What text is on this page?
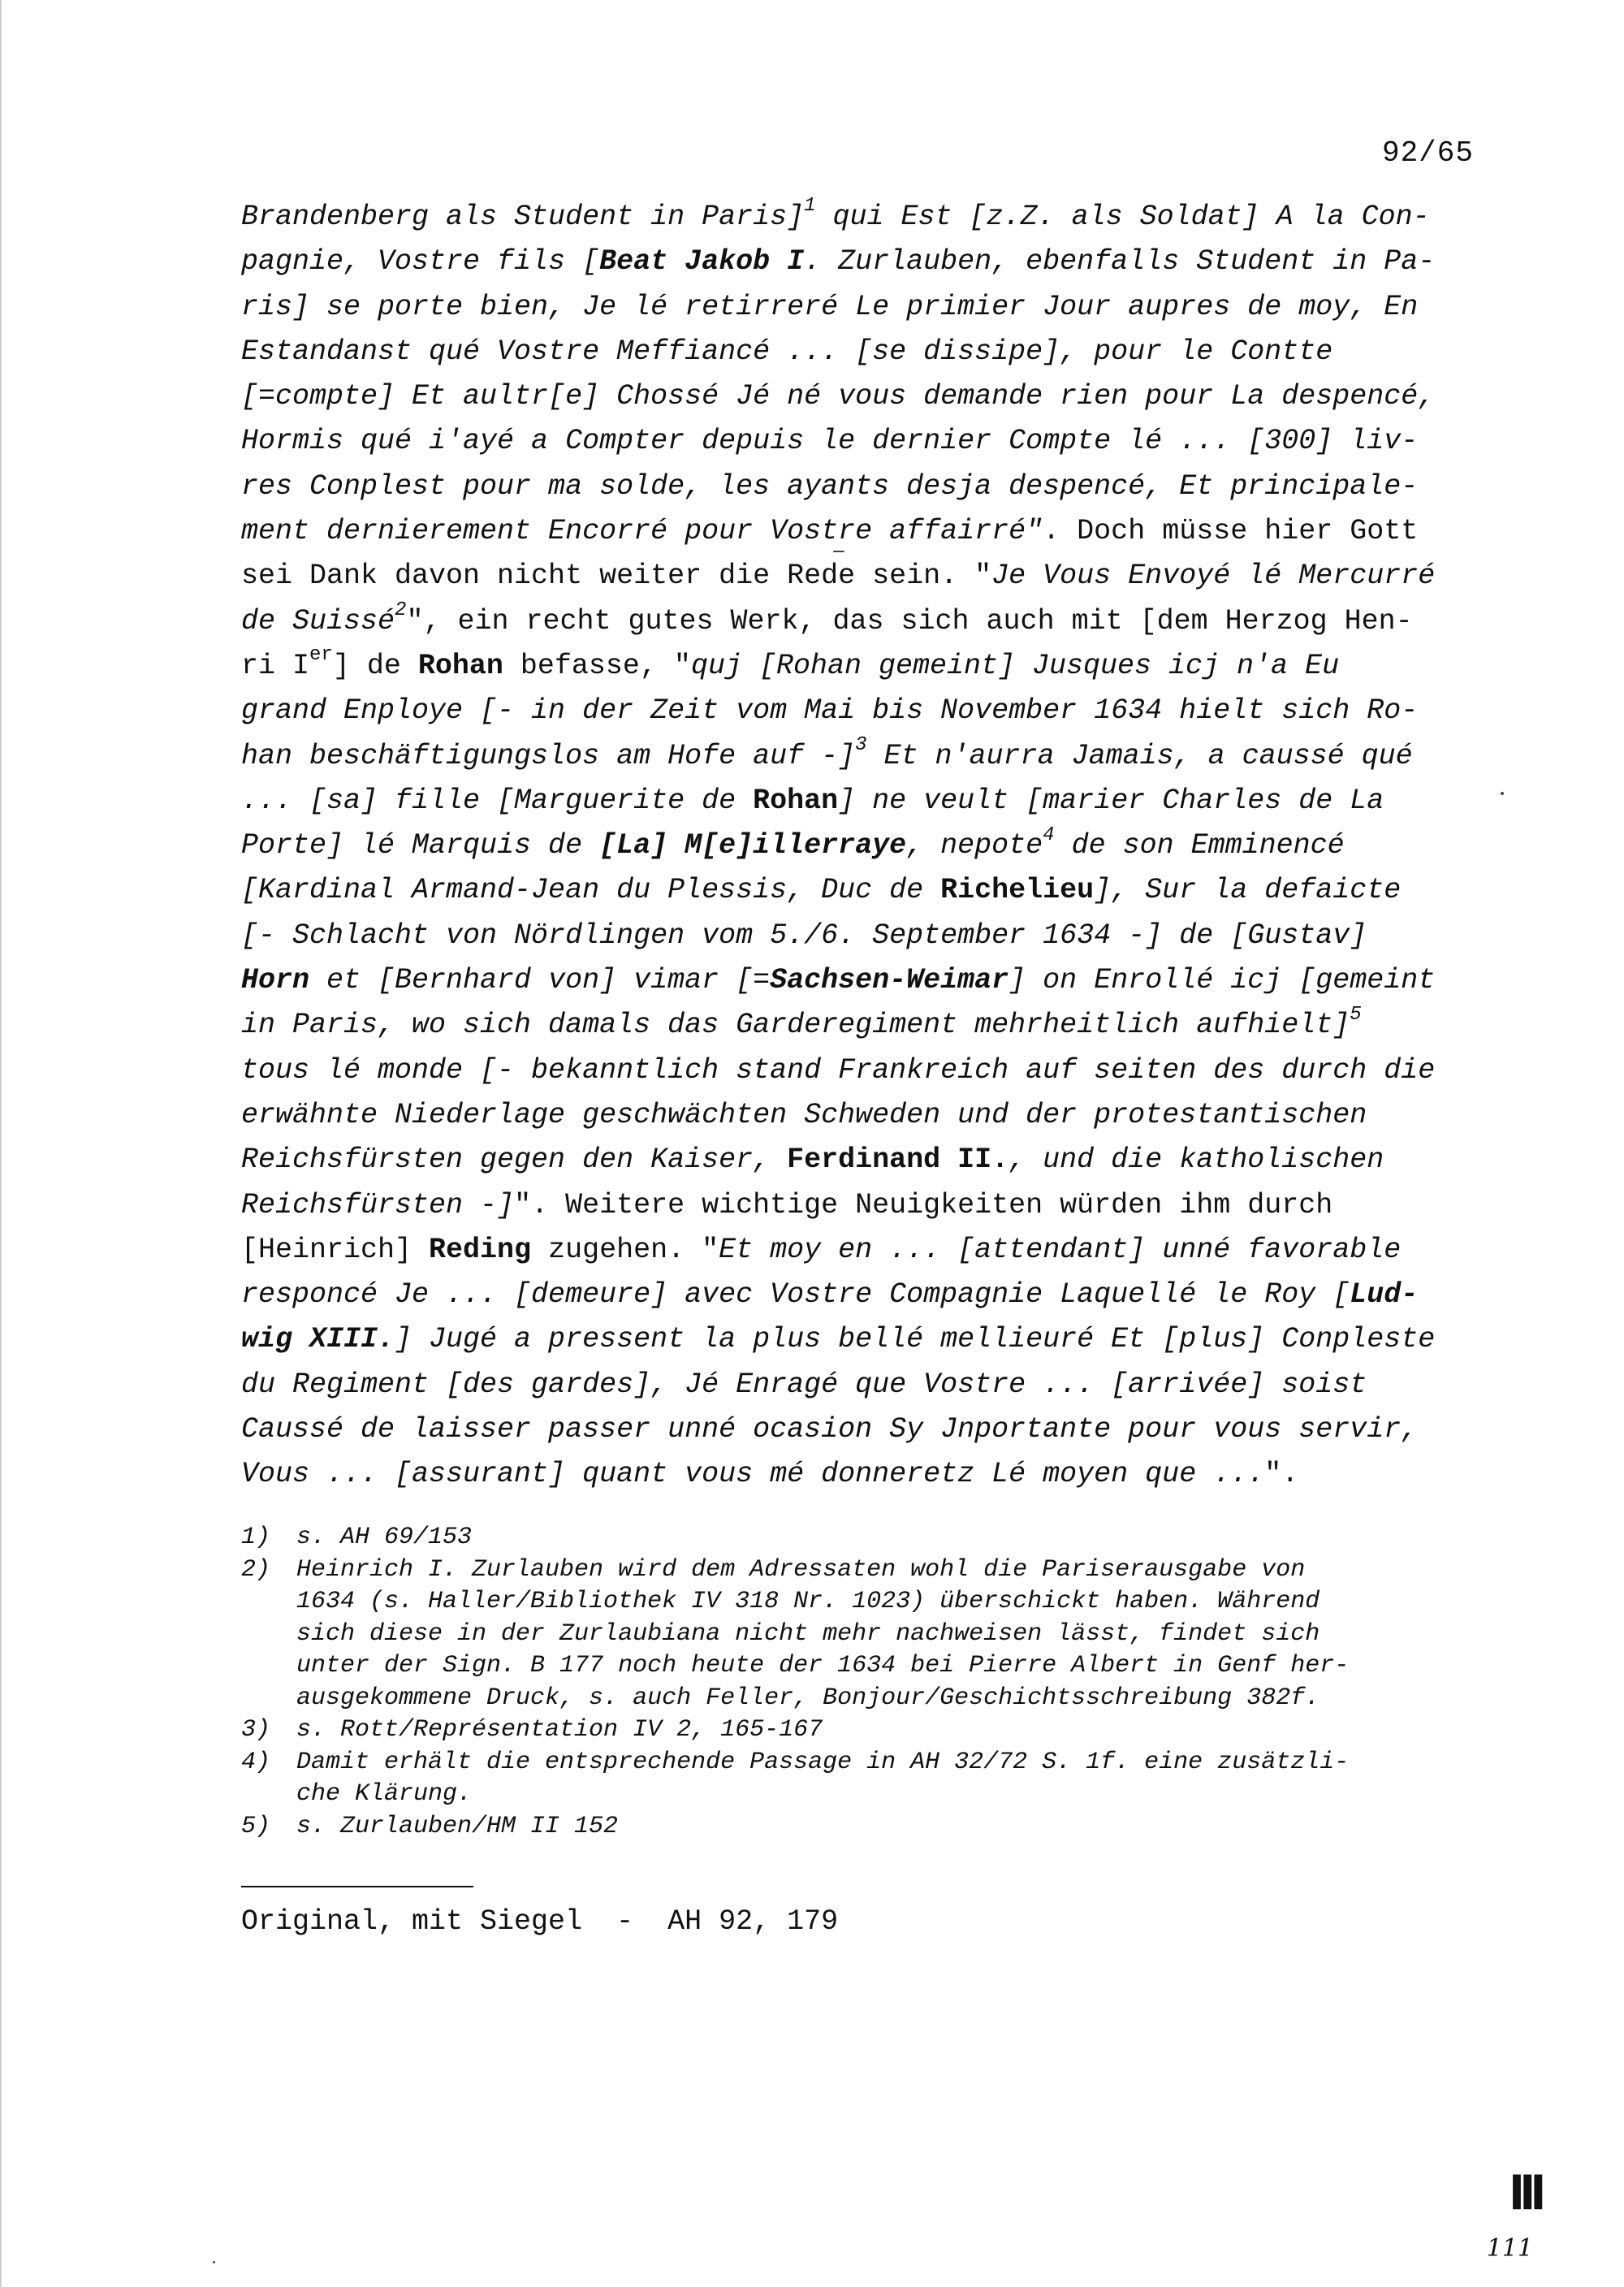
92/65
Brandenberg als Student in Paris]$^1$ qui Est [z.Z. als Soldat] A la Con-
pagnie, Vostre fils [Beat Jakob I. Zurlauben, ebenfalls Student in Pa-
ris] se porte bien, Je lé retirreré Le primier Jour aupres de moy, En
Estandanst qué Vostre Meffiancé ... [se dissipe], pour le Contte
[=compte] Et aultr[e] Chossé Jé né vous demande rien pour La despencé,
Hormis qué i'ayé a Compter depuis le dernier Compte lé ... [300] liv-
res Conplest pour ma solde, les ayants desja despencé, Et principale-
ment dernierement Encorré pour Vostre affairré". Doch müsse hier Gott
sei Dank davon nicht weiter die Rede sein. "Je Vous Envoyé lé Mercurré
de Suissé$^2$", ein recht gutes Werk, das sich auch mit [dem Herzog Hen-
ri Ier] de Rohan befasse, "quj [Rohan gemeint] Jusques icj n'a Eu
grand Enploye [- in der Zeit vom Mai bis November 1634 hielt sich Ro-
han beschäftigungslos am Hofe auf -]$^3$ Et n'aurra Jamais, a caussé qué
... [sa] fille [Marguerite de Rohan] ne veult [marier Charles de La
Porte] lé Marquis de [La] M[e]illerraye, nepote$^4$ de son Emminencé
[Kardinal Armand-Jean du Plessis, Duc de Richelieu], Sur la defaicte
[- Schlacht von Nördlingen vom 5./6. September 1634 -] de [Gustav]
Horn et [Bernhard von] vimar [=Sachsen-Weimar] on Enrollé icj [gemeint
in Paris, wo sich damals das Garderegiment mehrheitlich aufhielt]$^5$
tous lé monde [- bekanntlich stand Frankreich auf seiten des durch die
erwähnte Niederlage geschwächten Schweden und der protestantischen
Reichsfürsten gegen den Kaiser, Ferdinand II., und die katholischen
Reichsfürsten -]". Weitere wichtige Neuigkeiten würden ihm durch
[Heinrich] Reding zugehen. "Et moy en ... [attendant] unné favorable
responcé Je ... [demeure] avec Vostre Compagnie Laquellé le Roy [Lud-
wig XIII.] Jugé a pressent la plus bellé mellieuré Et [plus] Conpleste
du Regiment [des gardes], Jé Enragé que Vostre ... [arrivée] soist
Caussé de laisser passer unné ocasion Sy Jnportante pour vous servir,
Vous ... [assurant] quant vous mé donneretz Lé moyen que ...".
1)	s. AH 69/153
2)	Heinrich I. Zurlauben wird dem Adressaten wohl die Pariserausgabe von
1634 (s. Haller/Bibliothek IV 318 Nr. 1023) überschickt haben. Während
sich diese in der Zurlaubiana nicht mehr nachweisen lässt, findet sich
unter der Sign. B 177 noch heute der 1634 bei Pierre Albert in Genf her-
ausgekommene Druck, s. auch Feller, Bonjour/Geschichtsschreibung 382f.
3)	s. Rott/Représentation IV 2, 165-167
4)	Damit erhält die entsprechende Passage in AH 32/72 S. 1f. eine zusätzli-
che Klärung.
5)	s. Zurlauben/HM II 152
Original, mit Siegel  -  AH 92, 179
lll
111
